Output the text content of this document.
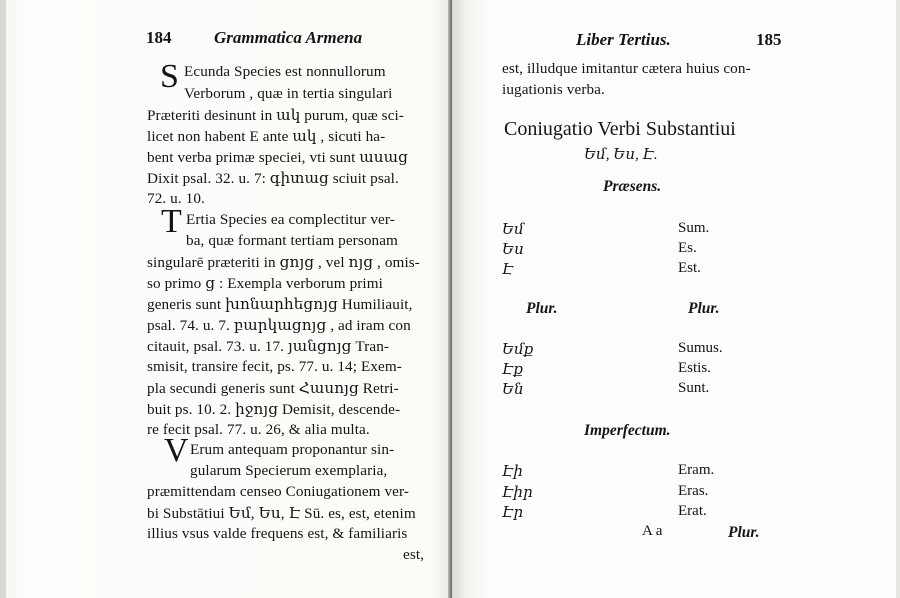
184	Grammatica Armena
S Ecunda Species est nonnullorum
Verborum , quæ in tertia singulari
Præteriti desinunt in ակ purum, quæ sci-
licet non habent E ante ակ , sicuti ha-
bent verba primæ speciei, vti sunt ասաց
Dixit psal. 32. u. 7: գիտաց sciuit psal.
72. u. 10.
T Ertia Species ea complectitur ver-
ba, quæ formant tertiam personam
singularē præteriti in ցոյց , vel ոյց , omis-
so primo ց : Exempla verborum primi
generis sunt խոնարհեցոյց Humiliauit,
psal. 74. u. 7. բարկացոյց , ad iram con
citauit, psal. 73. u. 17. յանցոյց Tran-
smisit, transire fecit, ps. 77. u. 14; Exem-
pla secundi generis sunt Հասոյց Retri-
buit ps. 10. 2. իջոյց Demisit, descende-
re fecit psal. 77. u. 26, & alia multa.
V Erum antequam proponantur sin-
gularum Specierum exemplaria,
præmittendam censeo Coniugationem ver-
bi Substātiui Եմ, Ես, Է Sū. es, est, etenim
illius vsus valde frequens est, & familiaris
est,
Liber Tertius.	185
est, illudque imitantur cætera huius con-
iugationis verba.
Coniugatio Verbi Substantiui
Եմ, Ես, Է.
Præsens.
Եմ	Sum.
Ես	Es.
Է	Est.
Plur.	Plur.
Եմք	Sumus.
Էք	Estis.
Են	Sunt.
Imperfectum.
Էի	Eram.
Էիր	Eras.
Էր	Erat.
A a	Plur.
